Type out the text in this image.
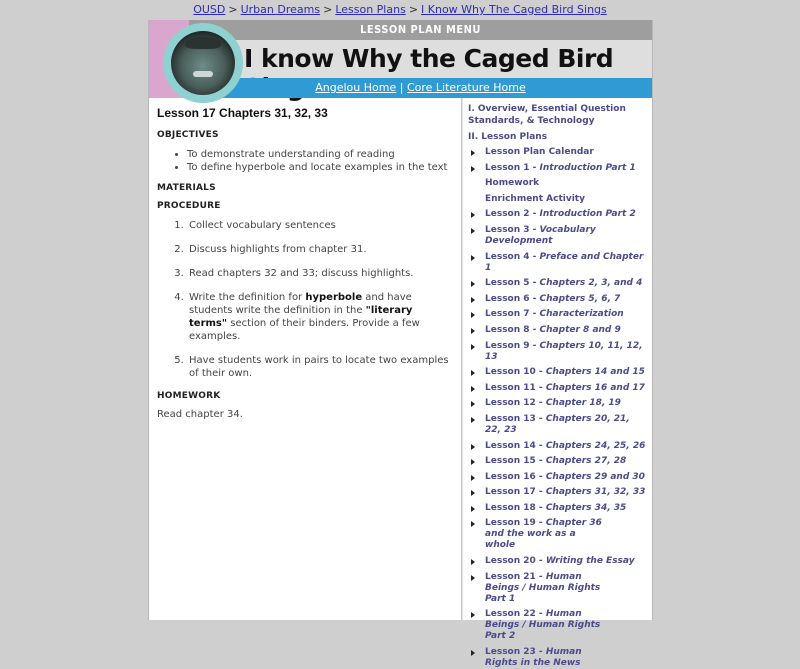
OUSD > Urban Dreams > Lesson Plans > I Know Why The Caged Bird Sings
LESSON PLAN MENU
I know Why the Caged Bird
Angelou Home | Core Literature Home
Lesson 17 Chapters 31, 32, 33
OBJECTIVES
• To demonstrate understanding of reading
• To define hyperbole and locate examples in the text
MATERIALS
PROCEDURE
1. Collect vocabulary sentences
2. Discuss highlights from chapter 31.
3. Read chapters 32 and 33; discuss highlights.
4. Write the definition for hyperbole and have students write the definition in the "literary terms" section of their binders. Provide a few examples.
5. Have students work in pairs to locate two examples of their own.
HOMEWORK

Read chapter 34.

I. Overview, Essential Question Standards, & Technology
II. Lesson Plans
Lesson Plan Calendar
Lesson 1 - Introduction Part 1
Homework
Enrichment Activity
Lesson 2 - Introduction Part 2
Lesson 3 - Vocabulary Development
Lesson 4 - Preface and Chapter 1
Lesson 5 - Chapters 2, 3, and 4
Lesson 6 - Chapters 5, 6, 7
Lesson 7 - Characterization
Lesson 8 - Chapter 8 and 9
Lesson 9 - Chapters 10, 11, 12, 13
Lesson 10 - Chapters 14 and 15
Lesson 11 - Chapters 16 and 17
Lesson 12 - Chapter 18, 19
Lesson 13 - Chapters 20, 21, 22, 23
Lesson 14 - Chapters 24, 25, 26
Lesson 15 - Chapters 27, 28
Lesson 16 - Chapters 29 and 30
Lesson 17 - Chapters 31, 32, 33
Lesson 18 - Chapters 34, 35
Lesson 19 - Chapter 36 and the work as a whole
Lesson 20 - Writing the Essay
Lesson 21 - Human Beings / Human Rights Part 1
Lesson 22 - Human Beings / Human Rights Part 2
Lesson 23 - Human Rights in the News
